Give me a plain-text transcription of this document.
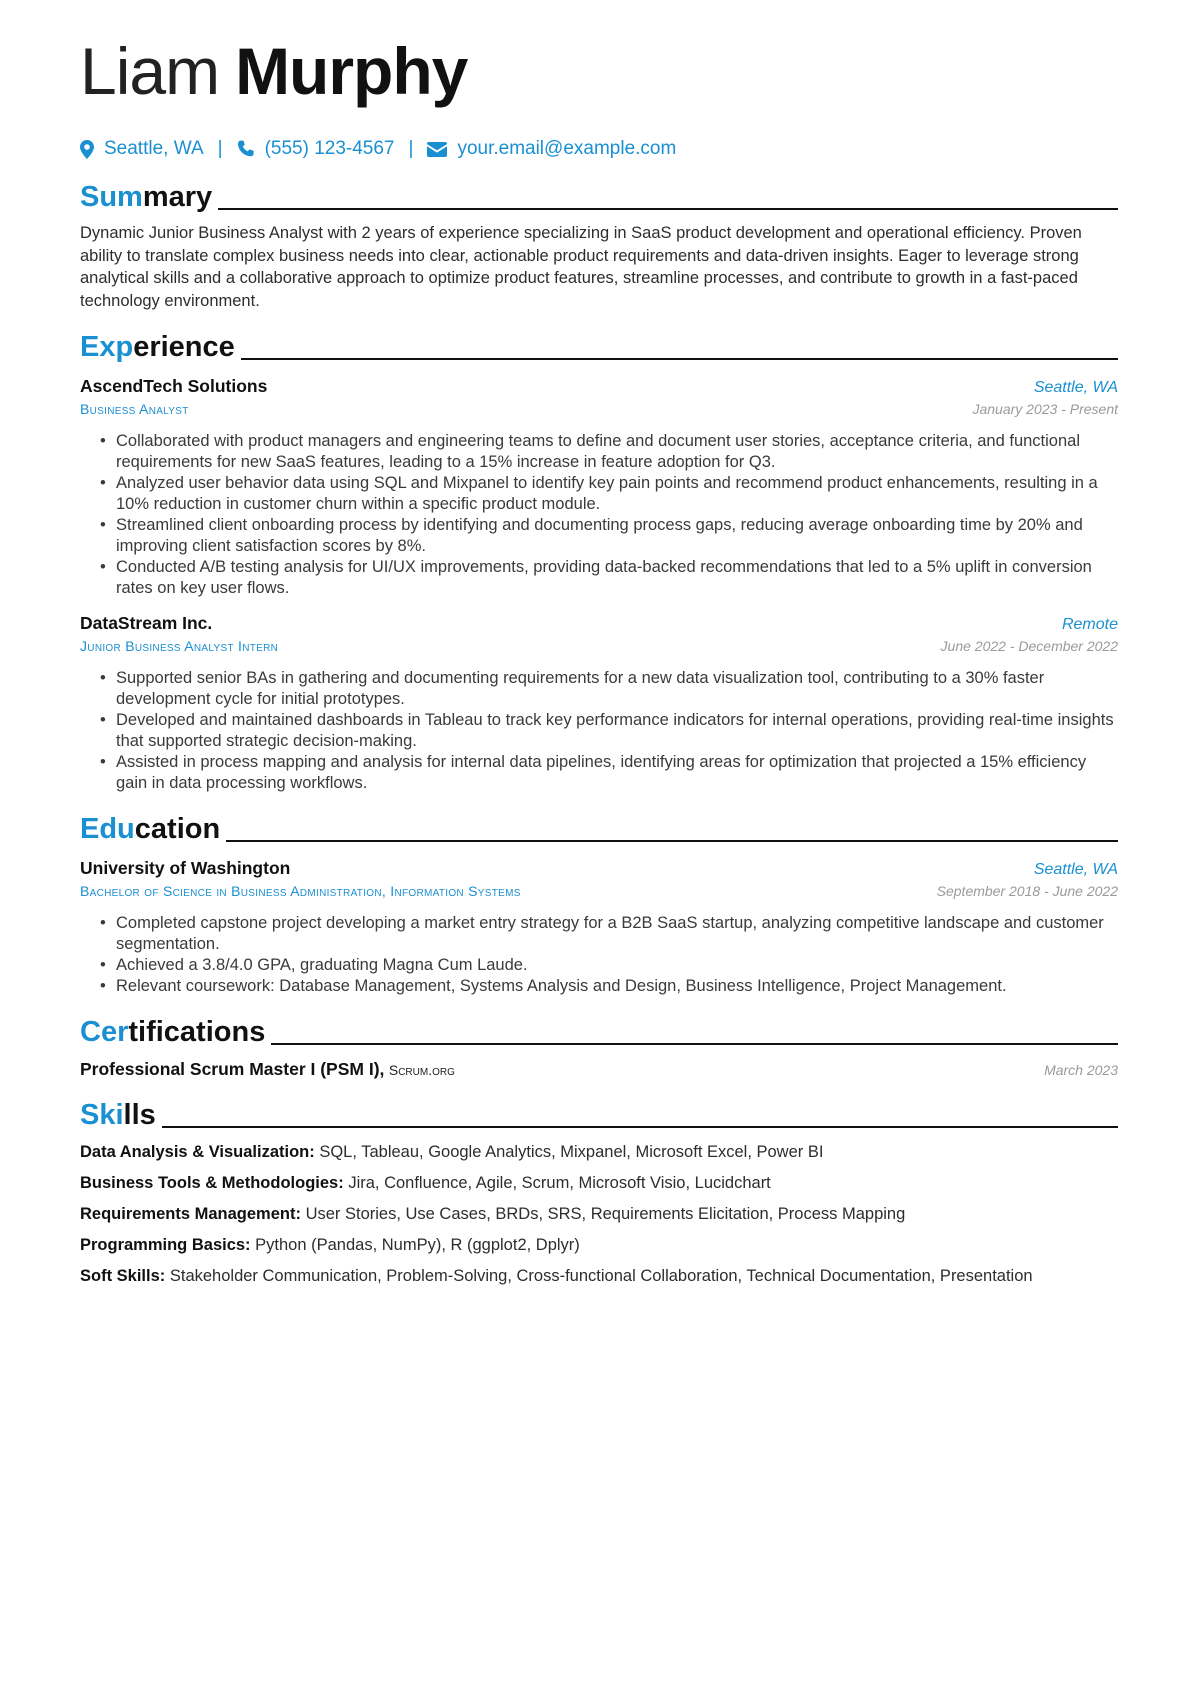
Liam Murphy
Seattle, WA | (555) 123-4567 | your.email@example.com
Summary
Dynamic Junior Business Analyst with 2 years of experience specializing in SaaS product development and operational efficiency. Proven ability to translate complex business needs into clear, actionable product requirements and data-driven insights. Eager to leverage strong analytical skills and a collaborative approach to optimize product features, streamline processes, and contribute to growth in a fast-paced technology environment.
Experience
AscendTech Solutions	Seattle, WA
Business Analyst	January 2023 - Present
• Collaborated with product managers and engineering teams to define and document user stories, acceptance criteria, and functional requirements for new SaaS features, leading to a 15% increase in feature adoption for Q3.
• Analyzed user behavior data using SQL and Mixpanel to identify key pain points and recommend product enhancements, resulting in a 10% reduction in customer churn within a specific product module.
• Streamlined client onboarding process by identifying and documenting process gaps, reducing average onboarding time by 20% and improving client satisfaction scores by 8%.
• Conducted A/B testing analysis for UI/UX improvements, providing data-backed recommendations that led to a 5% uplift in conversion rates on key user flows.
DataStream Inc.	Remote
Junior Business Analyst Intern	June 2022 - December 2022
• Supported senior BAs in gathering and documenting requirements for a new data visualization tool, contributing to a 30% faster development cycle for initial prototypes.
• Developed and maintained dashboards in Tableau to track key performance indicators for internal operations, providing real-time insights that supported strategic decision-making.
• Assisted in process mapping and analysis for internal data pipelines, identifying areas for optimization that projected a 15% efficiency gain in data processing workflows.
Education
University of Washington	Seattle, WA
Bachelor of Science in Business Administration, Information Systems	September 2018 - June 2022
• Completed capstone project developing a market entry strategy for a B2B SaaS startup, analyzing competitive landscape and customer segmentation.
• Achieved a 3.8/4.0 GPA, graduating Magna Cum Laude.
• Relevant coursework: Database Management, Systems Analysis and Design, Business Intelligence, Project Management.
Certifications
Professional Scrum Master I (PSM I), Scrum.org	March 2023
Skills
Data Analysis & Visualization: SQL, Tableau, Google Analytics, Mixpanel, Microsoft Excel, Power BI
Business Tools & Methodologies: Jira, Confluence, Agile, Scrum, Microsoft Visio, Lucidchart
Requirements Management: User Stories, Use Cases, BRDs, SRS, Requirements Elicitation, Process Mapping
Programming Basics: Python (Pandas, NumPy), R (ggplot2, Dplyr)
Soft Skills: Stakeholder Communication, Problem-Solving, Cross-functional Collaboration, Technical Documentation, Presentation
